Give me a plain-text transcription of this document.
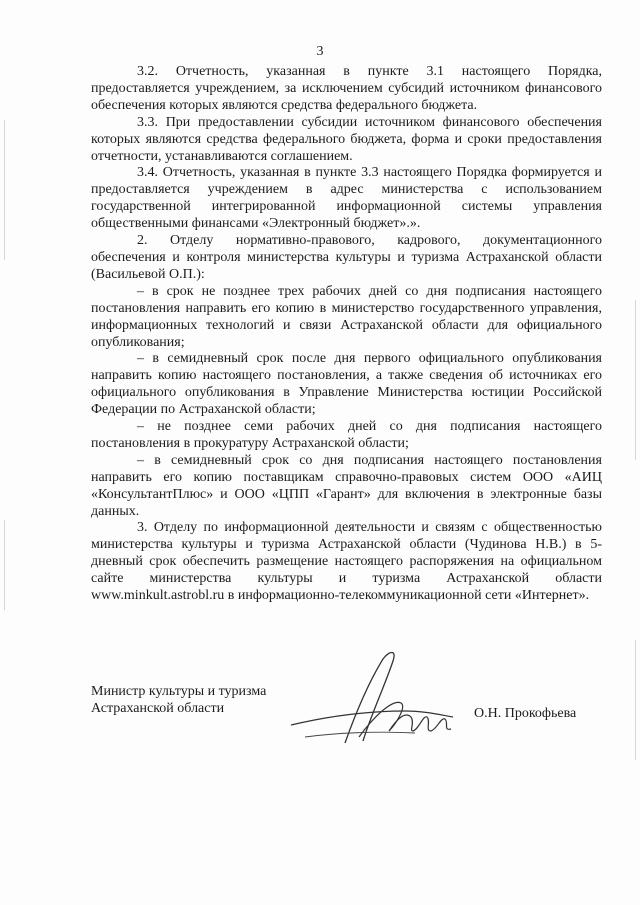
3

3.2. Отчетность, указанная в пункте 3.1 настоящего Порядка, предоставляется учреждением, за исключением субсидий источником финансового обеспечения которых являются средства федерального бюджета.

3.3. При предоставлении субсидии источником финансового обеспечения которых являются средства федерального бюджета, форма и сроки предоставления отчетности, устанавливаются соглашением.

3.4. Отчетность, указанная в пункте 3.3 настоящего Порядка формируется и предоставляется учреждением в адрес министерства с использованием государственной интегрированной информационной системы управления общественными финансами «Электронный бюджет».».

2. Отделу нормативно-правового, кадрового, документационного обеспечения и контроля министерства культуры и туризма Астраханской области (Васильевой О.П.):

– в срок не позднее трех рабочих дней со дня подписания настоящего постановления направить его копию в министерство государственного управления, информационных технологий и связи Астраханской области для официального опубликования;

– в семидневный срок после дня первого официального опубликования направить копию настоящего постановления, а также сведения об источниках его официального опубликования в Управление Министерства юстиции Российской Федерации по Астраханской области;

– не позднее семи рабочих дней со дня подписания настоящего постановления в прокуратуру Астраханской области;

– в семидневный срок со дня подписания настоящего постановления направить его копию поставщикам справочно-правовых систем ООО «АИЦ «КонсультантПлюс» и ООО «ЦПП «Гарант» для включения в электронные базы данных.

3. Отделу по информационной деятельности и связям с общественностью министерства культуры и туризма Астраханской области (Чудинова Н.В.) в 5-дневный срок обеспечить размещение настоящего распоряжения на официальном сайте министерства культуры и туризма Астраханской области www.minkult.astrobl.ru в информационно-телекоммуникационной сети «Интернет».

Министр культуры и туризма
Астраханской области	О.Н. Прокофьева
